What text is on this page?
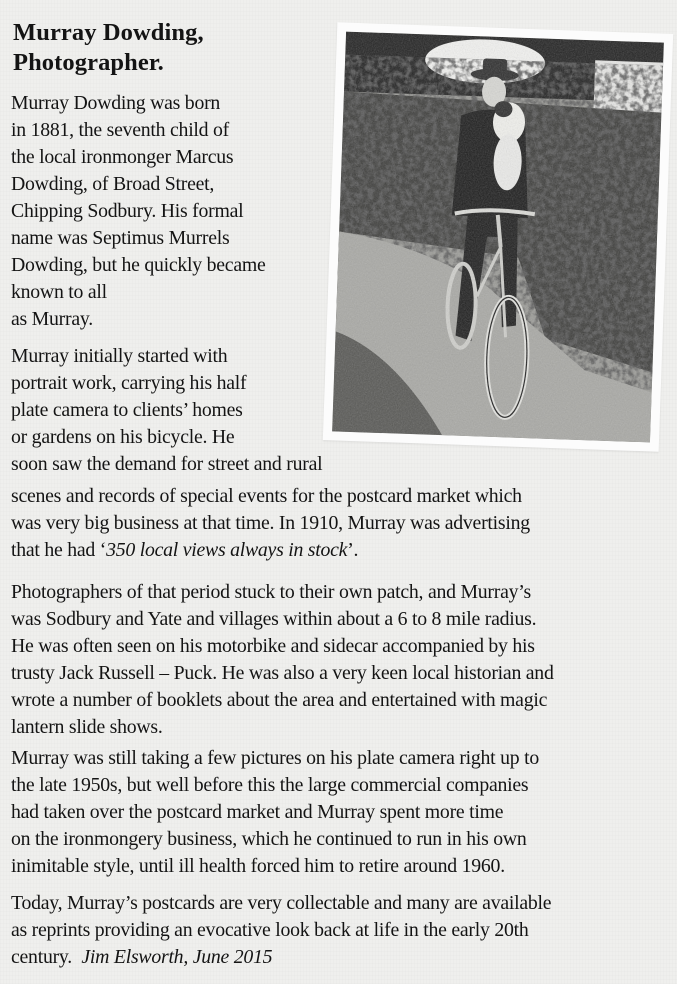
Murray Dowding,
Photographer.
Murray Dowding was born
in 1881, the seventh child of
the local ironmonger Marcus
Dowding, of Broad Street,
Chipping Sodbury. His formal
name was Septimus Murrels
Dowding, but he quickly became
known to all
as Murray.
Murray initially started with
portrait work, carrying his half
plate camera to clients’ homes
or gardens on his bicycle. He
soon saw the demand for street and rural
scenes and records of special events for the postcard market which
was very big business at that time. In 1910, Murray was advertising
that he had ‘350 local views always in stock’.
Photographers of that period stuck to their own patch, and Murray’s
was Sodbury and Yate and villages within about a 6 to 8 mile radius.
He was often seen on his motorbike and sidecar accompanied by his
trusty Jack Russell – Puck. He was also a very keen local historian and
wrote a number of booklets about the area and entertained with magic
lantern slide shows.
Murray was still taking a few pictures on his plate camera right up to
the late 1950s, but well before this the large commercial companies
had taken over the postcard market and Murray spent more time
on the ironmongery business, which he continued to run in his own
inimitable style, until ill health forced him to retire around 1960.
Today, Murray’s postcards are very collectable and many are available
as reprints providing an evocative look back at life in the early 20th
century. Jim Elsworth, June 2015
